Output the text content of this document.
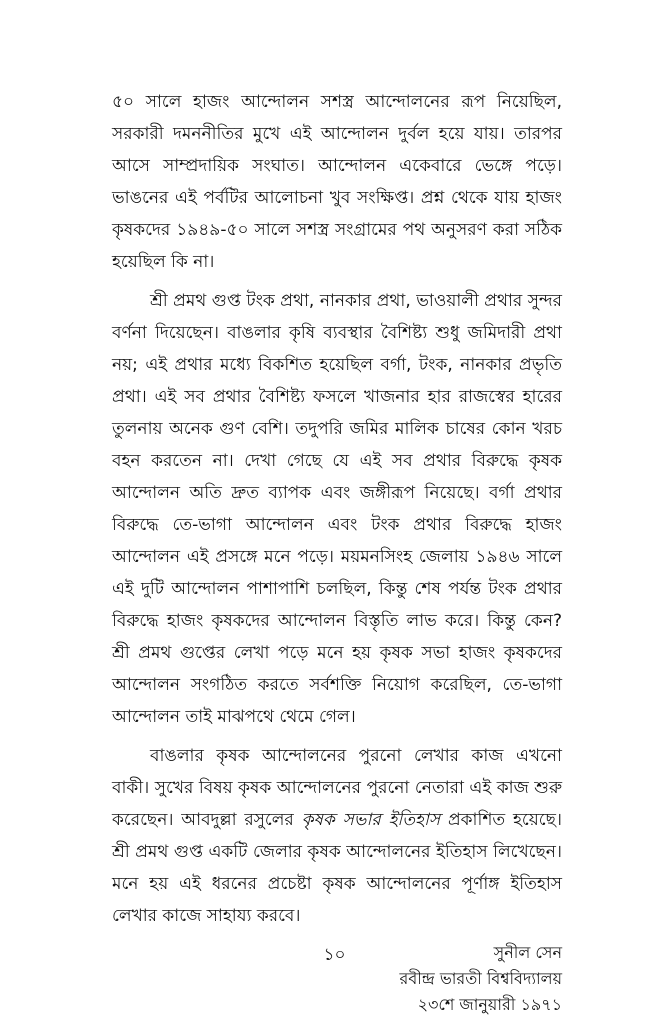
৫০ সালে হাজং আন্দোলন সশস্ত্র আন্দোলনের রূপ নিয়েছিল, সরকারী দমননীতির মুখে এই আন্দোলন দুর্বল হয়ে যায়। তারপর আসে সাম্প্রদায়িক সংঘাত। আন্দোলন একেবারে ভেঙ্গে পড়ে। ভাঙনের এই পর্বটির আলোচনা খুব সংক্ষিপ্ত। প্রশ্ন থেকে যায় হাজং কৃষকদের ১৯৪৯-৫০ সালে সশস্ত্র সংগ্রামের পথ অনুসরণ করা সঠিক হয়েছিল কি না।

শ্রী প্রমথ গুপ্ত টংক প্রথা, নানকার প্রথা, ভাওয়ালী প্রথার সুন্দর বর্ণনা দিয়েছেন। বাঙলার কৃষি ব্যবস্থার বৈশিষ্ট্য শুধু জমিদারী প্রথা নয়; এই প্রথার মধ্যে বিকশিত হয়েছিল বর্গা, টংক, নানকার প্রভৃতি প্রথা। এই সব প্রথার বৈশিষ্ট্য ফসলে খাজনার হার রাজস্বের হারের তুলনায় অনেক গুণ বেশি। তদুপরি জমির মালিক চাষের কোন খরচ বহন করতেন না। দেখা গেছে যে এই সব প্রথার বিরুদ্ধে কৃষক আন্দোলন অতি দ্রুত ব্যাপক এবং জঙ্গীরূপ নিয়েছে। বর্গা প্রথার বিরুদ্ধে তে-ভাগা আন্দোলন এবং টংক প্রথার বিরুদ্ধে হাজং আন্দোলন এই প্রসঙ্গে মনে পড়ে। ময়মনসিংহ জেলায় ১৯৪৬ সালে এই দুটি আন্দোলন পাশাপাশি চলছিল, কিন্তু শেষ পর্যন্ত টংক প্রথার বিরুদ্ধে হাজং কৃষকদের আন্দোলন বিস্তৃতি লাভ করে। কিন্তু কেন? শ্রী প্রমথ গুপ্তের লেখা পড়ে মনে হয় কৃষক সভা হাজং কৃষকদের আন্দোলন সংগঠিত করতে সর্বশক্তি নিয়োগ করেছিল, তে-ভাগা আন্দোলন তাই মাঝপথে থেমে গেল।

বাঙলার কৃষক আন্দোলনের পুরনো লেখার কাজ এখনো বাকী। সুখের বিষয় কৃষক আন্দোলনের পুরনো নেতারা এই কাজ শুরু করেছেন। আবদুল্লা রসুলের কৃষক সভার ইতিহাস প্রকাশিত হয়েছে। শ্রী প্রমথ গুপ্ত একটি জেলার কৃষক আন্দোলনের ইতিহাস লিখেছেন। মনে হয় এই ধরনের প্রচেষ্টা কৃষক আন্দোলনের পূর্ণাঙ্গ ইতিহাস লেখার কাজে সাহায্য করবে।

সুনীল সেন
রবীন্দ্র ভারতী বিশ্ববিদ্যালয়
২৩শে জানুয়ারী ১৯৭১
১০
